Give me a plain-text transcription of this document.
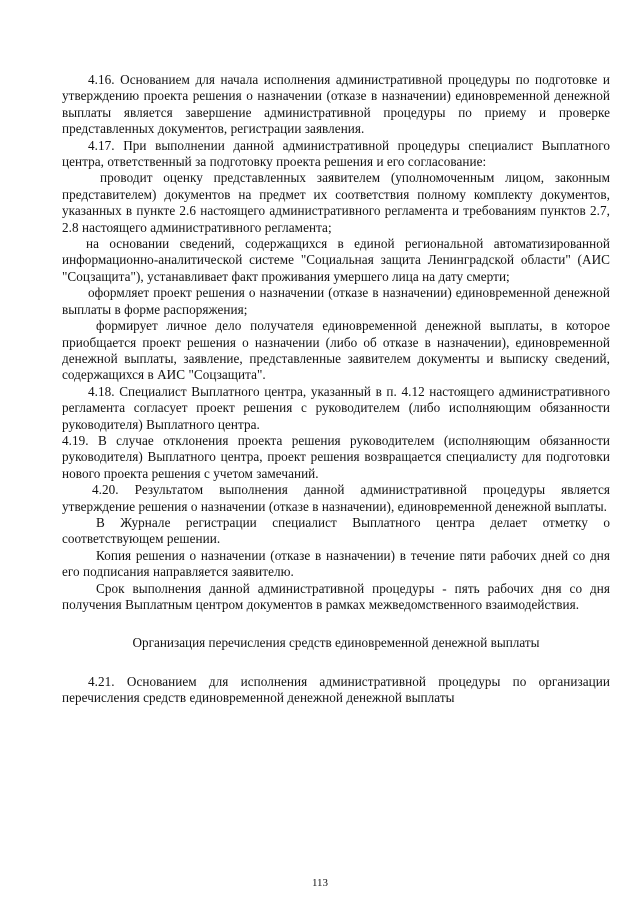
4.16. Основанием для начала исполнения административной процедуры по подготовке и утверждению проекта решения о назначении (отказе в назначении) единовременной денежной выплаты является завершение административной процедуры по приему и проверке представленных документов, регистрации заявления.

4.17. При выполнении данной административной процедуры специалист Выплатного центра, ответственный за подготовку проекта решения и его согласование:

проводит оценку представленных заявителем (уполномоченным лицом, законным представителем) документов на предмет их соответствия полному комплекту документов, указанных в пункте 2.6 настоящего административного регламента и требованиям пунктов 2.7, 2.8 настоящего административного регламента;

на основании сведений, содержащихся в единой региональной автоматизированной информационно-аналитической системе "Социальная защита Ленинградской области" (АИС "Соцзащита"), устанавливает факт проживания умершего лица на дату смерти;

оформляет проект решения о назначении (отказе в назначении) единовременной денежной выплаты в форме распоряжения;

формирует личное дело получателя единовременной денежной выплаты, в которое приобщается проект решения о назначении (либо об отказе в назначении), единовременной денежной выплаты, заявление, представленные заявителем документы и выписку сведений, содержащихся в АИС "Соцзащита".

4.18. Специалист Выплатного центра, указанный в п. 4.12 настоящего административного регламента согласует проект решения с руководителем (либо исполняющим обязанности руководителя) Выплатного центра.

4.19. В случае отклонения проекта решения руководителем (исполняющим обязанности руководителя) Выплатного центра, проект решения возвращается специалисту для подготовки нового проекта решения с учетом замечаний.

4.20. Результатом выполнения данной административной процедуры является утверждение решения о назначении (отказе в назначении), единовременной денежной выплаты.

В Журнале регистрации специалист Выплатного центра делает отметку о соответствующем решении.

Копия решения о назначении (отказе в назначении) в течение пяти рабочих дней со дня его подписания направляется заявителю.

Срок выполнения данной административной процедуры - пять рабочих дня со дня получения Выплатным центром документов в рамках межведомственного взаимодействия.

Организация перечисления средств единовременной денежной выплаты

4.21. Основанием для исполнения административной процедуры по организации перечисления средств единовременной денежной денежной выплаты

113
